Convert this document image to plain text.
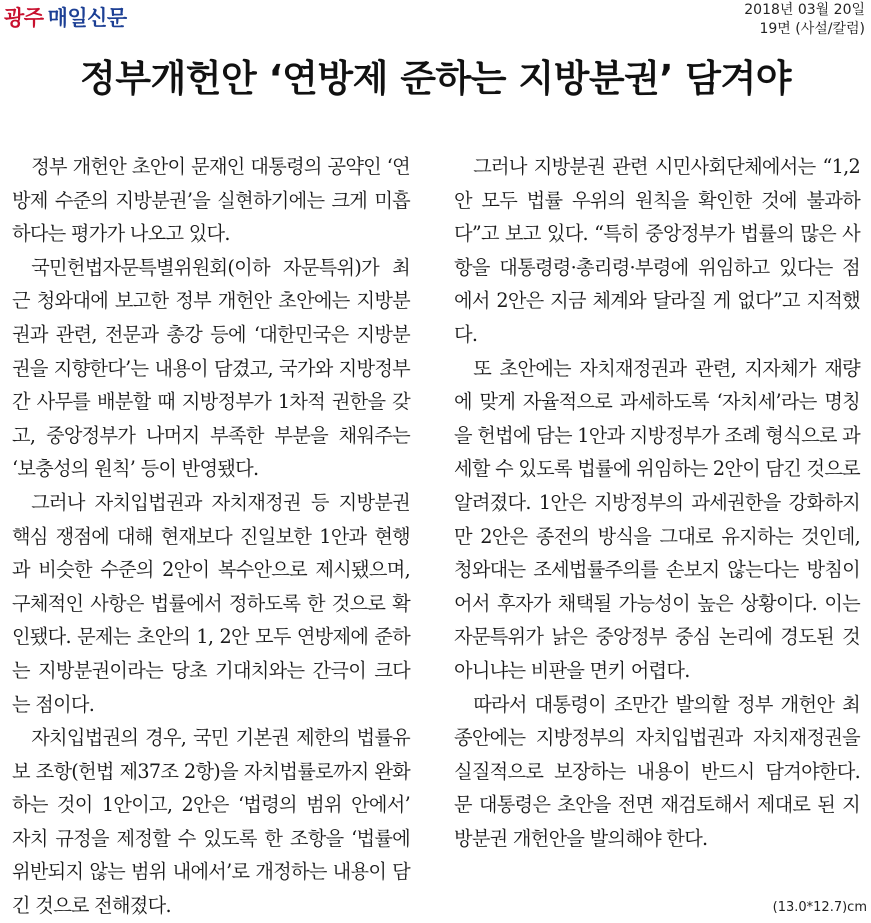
광주 매일신문	2018년 03월 20일
19면 (사설/칼럼)
정부개헌안 ‘연방제 준하는 지방분권’ 담겨야

정부 개헌안 초안이 문재인 대통령의 공약인 ‘연방제 수준의 지방분권’을 실현하기에는 크게 미흡하다는 평가가 나오고 있다.

국민헌법자문특별위원회(이하 자문특위)가 최근 청와대에 보고한 정부 개헌안 초안에는 지방분권과 관련, 전문과 총강 등에 ‘대한민국은 지방분권을 지향한다’는 내용이 담겼고, 국가와 지방정부 간 사무를 배분할 때 지방정부가 1차적 권한을 갖고, 중앙정부가 나머지 부족한 부분을 채워주는 ‘보충성의 원칙’ 등이 반영됐다.

그러나 자치입법권과 자치재정권 등 지방분권 핵심 쟁점에 대해 현재보다 진일보한 1안과 현행과 비슷한 수준의 2안이 복수안으로 제시됐으며, 구체적인 사항은 법률에서 정하도록 한 것으로 확인됐다. 문제는 초안의 1, 2안 모두 연방제에 준하는 지방분권이라는 당초 기대치와는 간극이 크다는 점이다.

자치입법권의 경우, 국민 기본권 제한의 법률유보 조항(헌법 제37조 2항)을 자치법률로까지 완화하는 것이 1안이고, 2안은 ‘법령의 범위 안에서’ 자치 규정을 제정할 수 있도록 한 조항을 ‘법률에 위반되지 않는 범위 내에서’로 개정하는 내용이 담긴 것으로 전해졌다.

그러나 지방분권 관련 시민사회단체에서는 “1,2안 모두 법률 우위의 원칙을 확인한 것에 불과하다”고 보고 있다. “특히 중앙정부가 법률의 많은 사항을 대통령령·총리령·부령에 위임하고 있다는 점에서 2안은 지금 체계와 달라질 게 없다”고 지적했다.

또 초안에는 자치재정권과 관련, 지자체가 재량에 맞게 자율적으로 과세하도록 ‘자치세’라는 명칭을 헌법에 담는 1안과 지방정부가 조례 형식으로 과세할 수 있도록 법률에 위임하는 2안이 담긴 것으로 알려졌다. 1안은 지방정부의 과세권한을 강화하지만 2안은 종전의 방식을 그대로 유지하는 것인데, 청와대는 조세법률주의를 손보지 않는다는 방침이어서 후자가 채택될 가능성이 높은 상황이다. 이는 자문특위가 낡은 중앙정부 중심 논리에 경도된 것 아니냐는 비판을 면키 어렵다.

따라서 대통령이 조만간 발의할 정부 개헌안 최종안에는 지방정부의 자치입법권과 자치재정권을 실질적으로 보장하는 내용이 반드시 담겨야한다. 문 대통령은 초안을 전면 재검토해서 제대로 된 지방분권 개헌안을 발의해야 한다.

(13.0*12.7)cm
